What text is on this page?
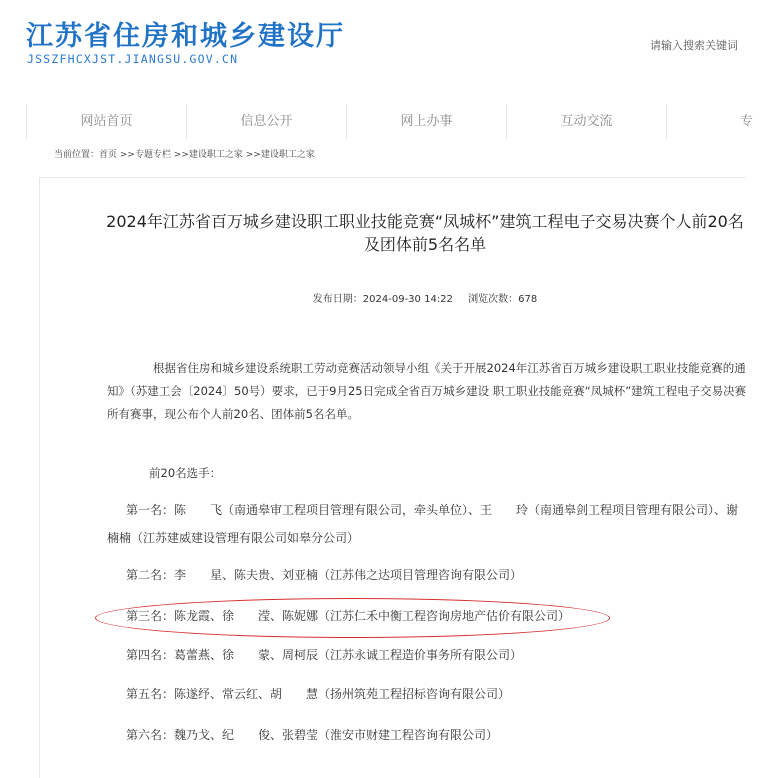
江苏省住房和城乡建设厅
JSSZFHCXJST.JIANGSU.GOV.CN
请输入搜索关键词
网站首页	信息公开	网上办事	互动交流	专
当前位置：首页 >>专题专栏 >>建设职工之家 >>建设职工之家
2024年江苏省百万城乡建设职工职业技能竞赛“凤城杯”建筑工程电子交易决赛个人前20名及团体前5名名单
发布日期：2024-09-30 14:22 浏览次数：678
根据省住房和城乡建设系统职工劳动竞赛活动领导小组《关于开展2024年江苏省百万城乡建设职工职业技能竞赛的通知》（苏建工会〔2024〕50号）要求，已于9月25日完成全省百万城乡建设 职工职业技能竞赛“凤城杯”建筑工程电子交易决赛所有赛事，现公布个人前20名、团体前5名名单。
前20名选手：
第一名：陈　　飞（南通皋审工程项目管理有限公司，牵头单位）、王　　玲（南通皋剑工程项目管理有限公司）、谢楠楠（江苏建威建设管理有限公司如皋分公司）
第二名：李　　星、陈夫贵、刘亚楠（江苏伟之达项目管理咨询有限公司）
第三名：陈龙霞、徐　　滢、陈妮娜（江苏仁禾中衡工程咨询房地产估价有限公司）
第四名：葛蕾燕、徐　　蒙、周柯辰（江苏永诚工程造价事务所有限公司）
第五名：陈遂纾、常云红、胡　　慧（扬州筑苑工程招标咨询有限公司）
第六名：魏乃戈、纪　　俊、张碧莹（淮安市财建工程咨询有限公司）
